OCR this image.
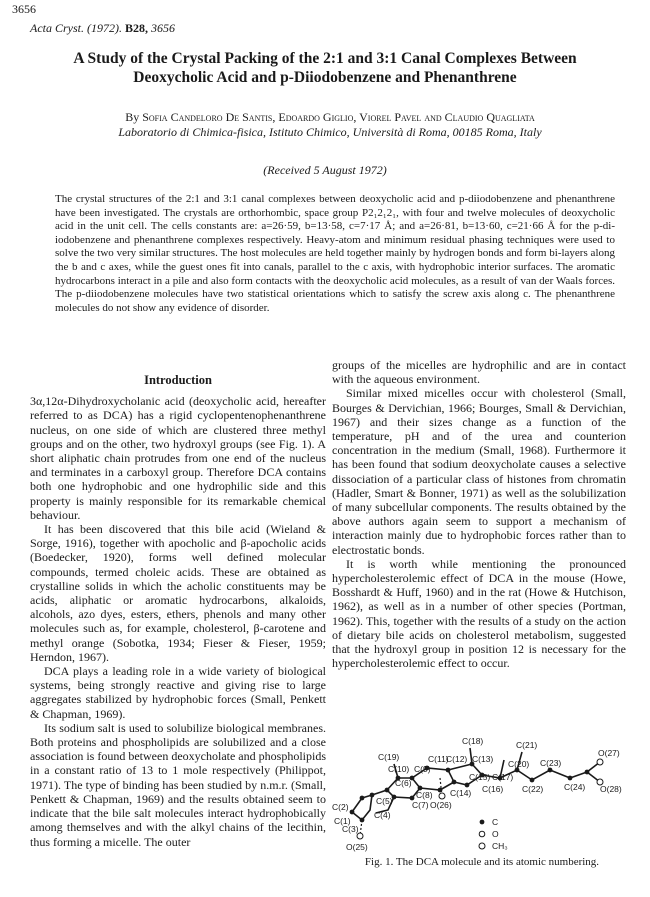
3656
Acta Cryst. (1972). B28, 3656
A Study of the Crystal Packing of the 2:1 and 3:1 Canal Complexes Between Deoxycholic Acid and p-Diiodobenzene and Phenanthrene
By Sofia Candeloro De Santis, Edoardo Giglio, Viorel Pavel and Claudio Quagliata
Laboratorio di Chimica-fisica, Istituto Chimico, Università di Roma, 00185 Roma, Italy
(Received 5 August 1972)

The crystal structures of the 2:1 and 3:1 canal complexes between deoxycholic acid and p-diiodobenzene and phenanthrene have been investigated. The crystals are orthorhombic, space group P2₁2₁2₁, with four and twelve molecules of deoxycholic acid in the unit cell. The cells constants are: a=26·59, b=13·58, c=7·17 Å; and a=26·81, b=13·60, c=21·66 Å for the p-di-iodobenzene and phenanthrene complexes respectively. Heavy-atom and minimum residual phasing techniques were used to solve the two very similar structures. The host molecules are held together mainly by hydrogen bonds and form bi-layers along the b and c axes, while the guest ones fit into canals, parallel to the c axis, with hydrophobic interior surfaces. The aromatic hydrocarbons interact in a pile and also form contacts with the deoxycholic acid molecules, as a result of van der Waals forces. The p-diiodobenzene molecules have two statistical orientations which to satisfy the screw axis along c. The phenanthrene molecules do not show any evidence of disorder.

Introduction

3α,12α-Dihydroxycholanic acid (deoxycholic acid, hereafter referred to as DCA) has a rigid cyclopentenophenanthrene nucleus, on one side of which are clustered three methyl groups and on the other, two hydroxyl groups (see Fig. 1). A short aliphatic chain protrudes from one end of the nucleus and terminates in a carboxyl group. Therefore DCA contains both one hydrophobic and one hydrophilic side and this property is mainly responsible for its remarkable chemical behaviour.

It has been discovered that this bile acid (Wieland & Sorge, 1916), together with apocholic and β-apocholic acids (Boedecker, 1920), forms well defined molecular compounds, termed choleic acids. These are obtained as crystalline solids in which the acholic constituents may be acids, aliphatic or aromatic hydrocarbons, alkaloids, alcohols, azo dyes, esters, ethers, phenols and many other molecules such as, for example, cholesterol, β-carotene and methyl orange (Sobotka, 1934; Fieser & Fieser, 1959; Herndon, 1967).

DCA plays a leading role in a wide variety of biological systems, being strongly reactive and giving rise to large aggregates stabilized by hydrophobic forces (Small, Penkett & Chapman, 1969).

Its sodium salt is used to solubilize biological membranes. Both proteins and phospholipids are solubilized and a close association is found between deoxycholate and phospholipids in a constant ratio of 13 to 1 mole respectively (Philippot, 1971). The type of binding has been studied by n.m.r. (Small, Penkett & Chapman, 1969) and the results obtained seem to indicate that the bile salt molecules interact hydrophobically among themselves and with the alkyl chains of the lecithin, thus forming a micelle. The outer

groups of the micelles are hydrophilic and are in contact with the aqueous environment.

Similar mixed micelles occur with cholesterol (Small, Bourges & Dervichian, 1966; Bourges, Small & Dervichian, 1967) and their sizes change as a function of the temperature, pH and of the urea and counterion concentration in the medium (Small, 1968). Furthermore it has been found that sodium deoxycholate causes a selective dissociation of a particular class of histones from chromatin (Hadler, Smart & Bonner, 1971) as well as the solubilization of many subcellular components. The results obtained by the above authors again seem to support a mechanism of interaction mainly due to hydrophobic forces rather than to electrostatic bonds.

It is worth while mentioning the pronounced hypercholesterolemic effect of DCA in the mouse (Howe, Bosshardt & Huff, 1960) and in the rat (Howe & Hutchison, 1962), as well as in a number of other species (Portman, 1962). This, together with the results of a study on the action of dietary bile acids on cholesterol metabolism, suggested that the hydroxyl group in position 12 is necessary for the hypercholesterolemic effect to occur.

C(1)
C(2)
C(3)
C(4)
C(5)
C(6)
C(7)
C(8)
C(9)
C(10)
C(11)
C(12) C(13)
C(14)
C(15)
C(16)
C(17)
C(18)
C(19)
C(20)
C(21)
C(22)
C(23)
C(24)
O(25)
O(26)
O(27)
O(28)
C
O
CH₃
Fig. 1. The DCA molecule and its atomic numbering.
